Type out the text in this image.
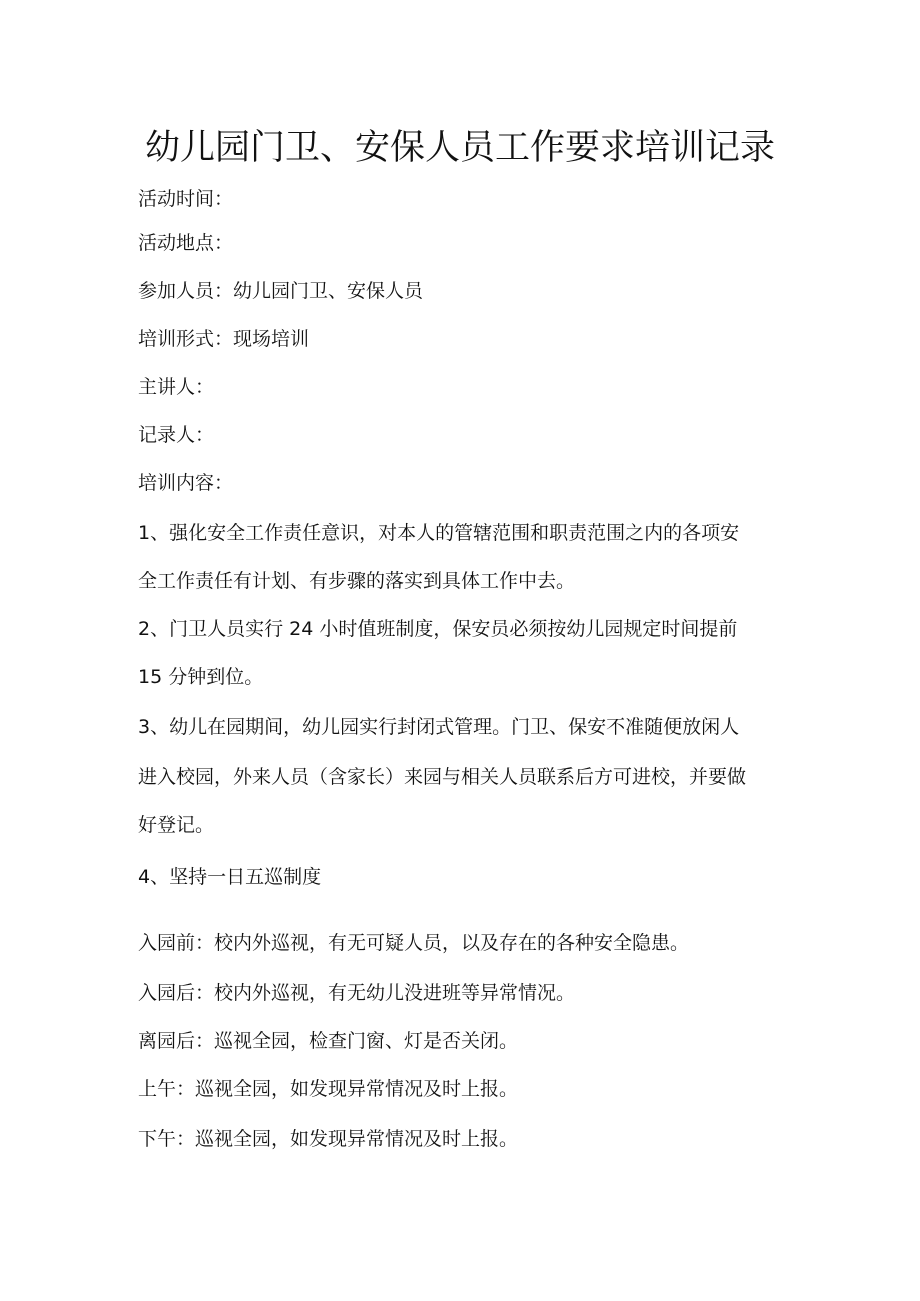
幼儿园门卫、安保人员工作要求培训记录
活动时间：
活动地点：
参加人员：幼儿园门卫、安保人员
培训形式：现场培训
主讲人：
记录人：
培训内容：
1、强化安全工作责任意识，对本人的管辖范围和职责范围之内的各项安
全工作责任有计划、有步骤的落实到具体工作中去。
2、门卫人员实行 24 小时值班制度，保安员必须按幼儿园规定时间提前
15 分钟到位。
3、幼儿在园期间，幼儿园实行封闭式管理。门卫、保安不准随便放闲人
进入校园，外来人员（含家长）来园与相关人员联系后方可进校，并要做
好登记。
4、坚持一日五巡制度
入园前：校内外巡视，有无可疑人员，以及存在的各种安全隐患。
入园后：校内外巡视，有无幼儿没进班等异常情况。
离园后：巡视全园，检查门窗、灯是否关闭。
上午：巡视全园，如发现异常情况及时上报。
下午：巡视全园，如发现异常情况及时上报。
